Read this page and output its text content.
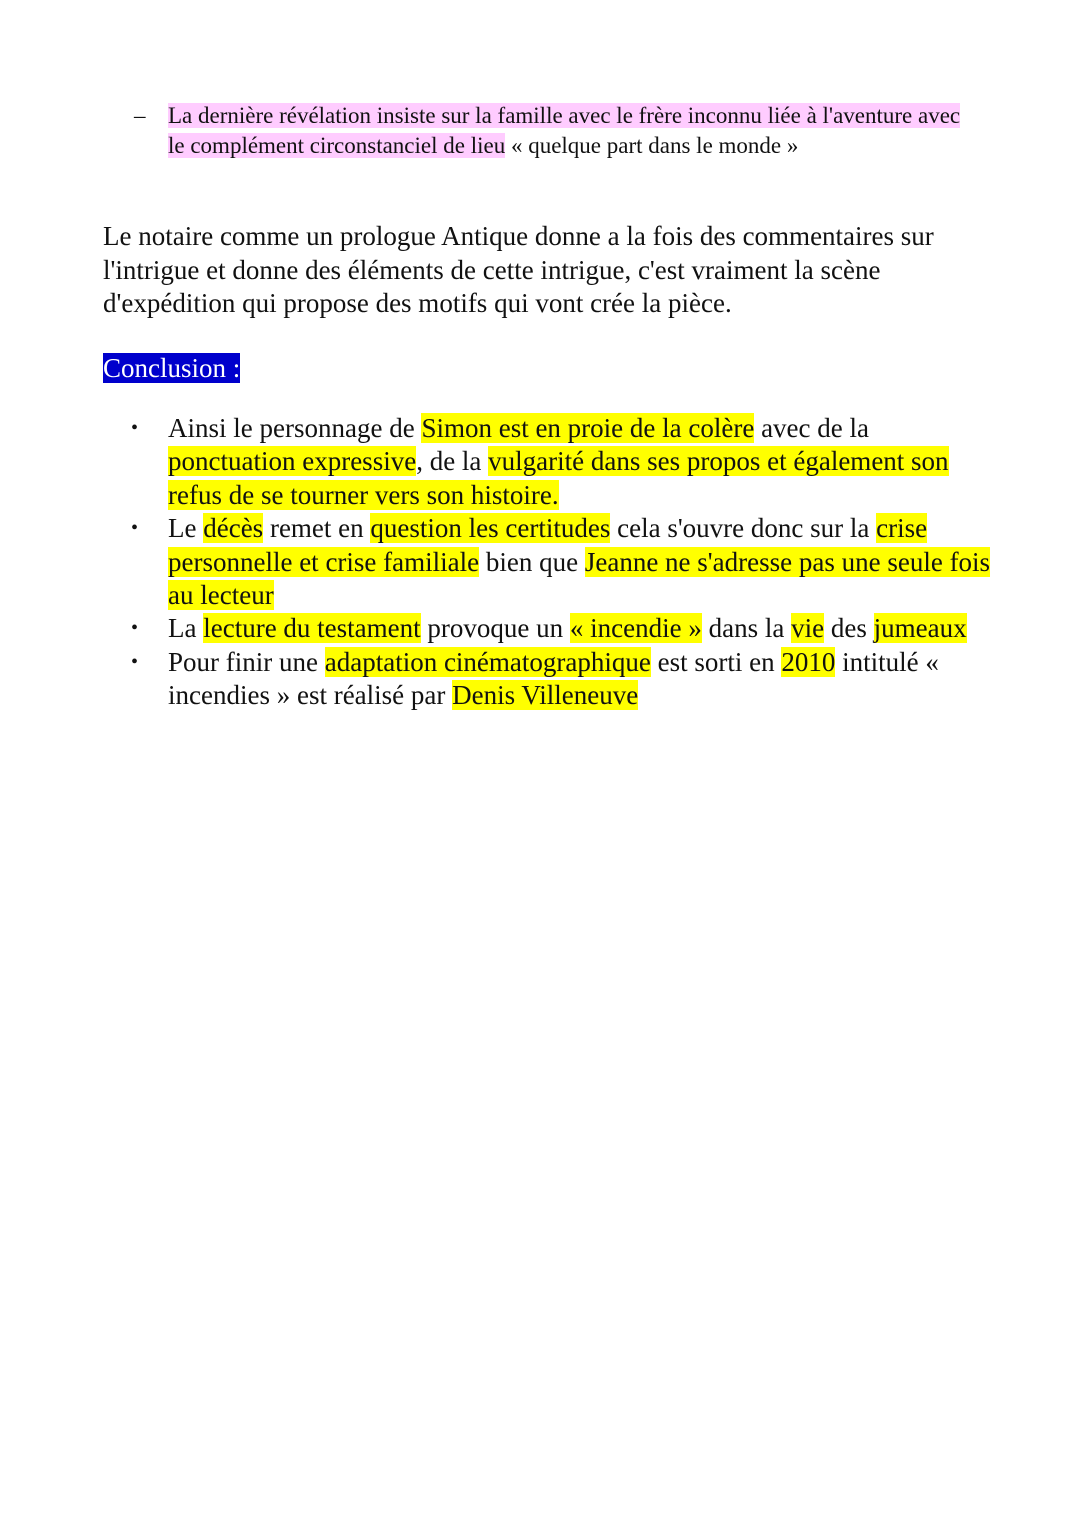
– La dernière révélation insiste sur la famille avec le frère inconnu liée à l'aventure avec le complément circonstanciel de lieu « quelque part dans le monde »

Le notaire comme un prologue Antique donne a la fois des commentaires sur l'intrigue et donne des éléments de cette intrigue, c'est vraiment la scène d'expédition qui propose des motifs qui vont crée la pièce.

Conclusion :
• Ainsi le personnage de Simon est en proie de la colère avec de la ponctuation expressive, de la vulgarité dans ses propos et également son refus de se tourner vers son histoire.
• Le décès remet en question les certitudes cela s'ouvre donc sur la crise personnelle et crise familiale bien que Jeanne ne s'adresse pas une seule fois au lecteur
• La lecture du testament provoque un « incendie » dans la vie des jumeaux
• Pour finir une adaptation cinématographique est sorti en 2010 intitulé « incendies » est réalisé par Denis Villeneuve
